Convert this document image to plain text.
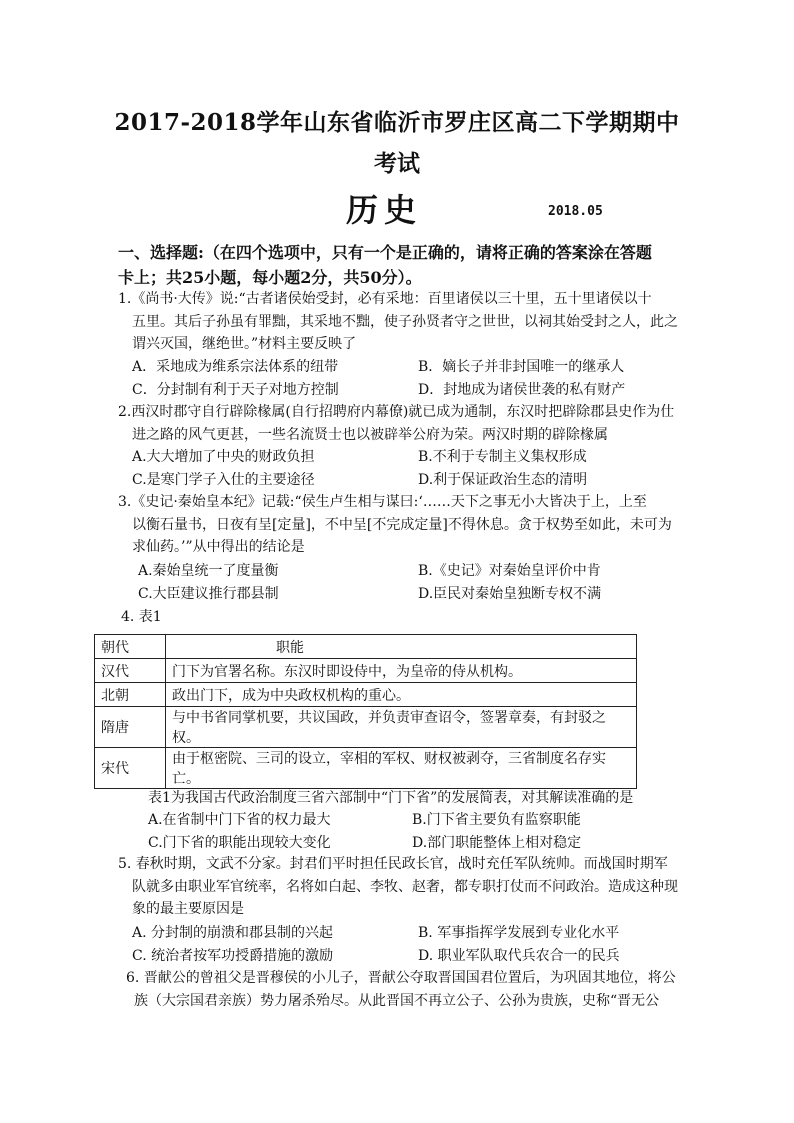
2017-2018学年山东省临沂市罗庄区高二下学期期中
考试
历史	2018.05
一、选择题:（在四个选项中，只有一个是正确的，请将正确的答案涂在答题
卡上；共25小题，每小题2分，共50分）。
1.《尚书·大传》说:“古者诸侯始受封，必有采地：百里诸侯以三十里，五十里诸侯以十
五里。其后子孙虽有罪黜，其采地不黜，使子孙贤者守之世世，以祠其始受封之人，此之
谓兴灭国，继绝世。”材料主要反映了
A．采地成为维系宗法体系的纽带	B．嫡长子并非封国唯一的继承人
C．分封制有利于天子对地方控制	D．封地成为诸侯世袭的私有财产
2.西汉时郡守自行辟除椽属(自行招聘府内幕僚)就已成为通制，东汉时把辟除郡县史作为仕
进之路的风气更甚，一些名流贤士也以被辟举公府为荣。两汉时期的辟除椽属
A.大大增加了中央的财政负担	B.不利于专制主义集权形成
C.是寒门学子入仕的主要途径	D.利于保证政治生态的清明
3.《史记·秦始皇本纪》记载:“侯生卢生相与谋曰:‘……天下之事无小大皆决于上，上至
以衡石量书，日夜有呈[定量]，不中呈[不完成定量]不得休息。贪于权势至如此，未可为
求仙药。’”从中得出的结论是
A.秦始皇统一了度量衡	B.《史记》对秦始皇评价中肯
C.大臣建议推行郡县制	D.臣民对秦始皇独断专权不满
4. 表1
朝代	职能
汉代	门下为官署名称。东汉时即设侍中，为皇帝的侍从机构。
北朝	政出门下，成为中央政权机构的重心。
隋唐	与中书省同掌机要，共议国政，并负责审查诏令，签署章奏，有封驳之权。
宋代	由于枢密院、三司的设立，宰相的军权、财权被剥夺，三省制度名存实亡。
表1为我国古代政治制度三省六部制中“门下省”的发展简表，对其解读准确的是
A.在省制中门下省的权力最大	B.门下省主要负有监察职能
C.门下省的职能出现较大变化	D.部门职能整体上相对稳定
5. 春秋时期，文武不分家。封君们平时担任民政长官，战时充任军队统帅。而战国时期军
队就多由职业军官统率，名将如白起、李牧、赵奢，都专职打仗而不问政治。造成这种现
象的最主要原因是
A. 分封制的崩溃和郡县制的兴起	B. 军事指挥学发展到专业化水平
C. 统治者按军功授爵措施的激励	D. 职业军队取代兵农合一的民兵
6. 晋献公的曾祖父是晋穆侯的小儿子，晋献公夺取晋国国君位置后，为巩固其地位，将公
族（大宗国君亲族）势力屠杀殆尽。从此晋国不再立公子、公孙为贵族，史称“晋无公
